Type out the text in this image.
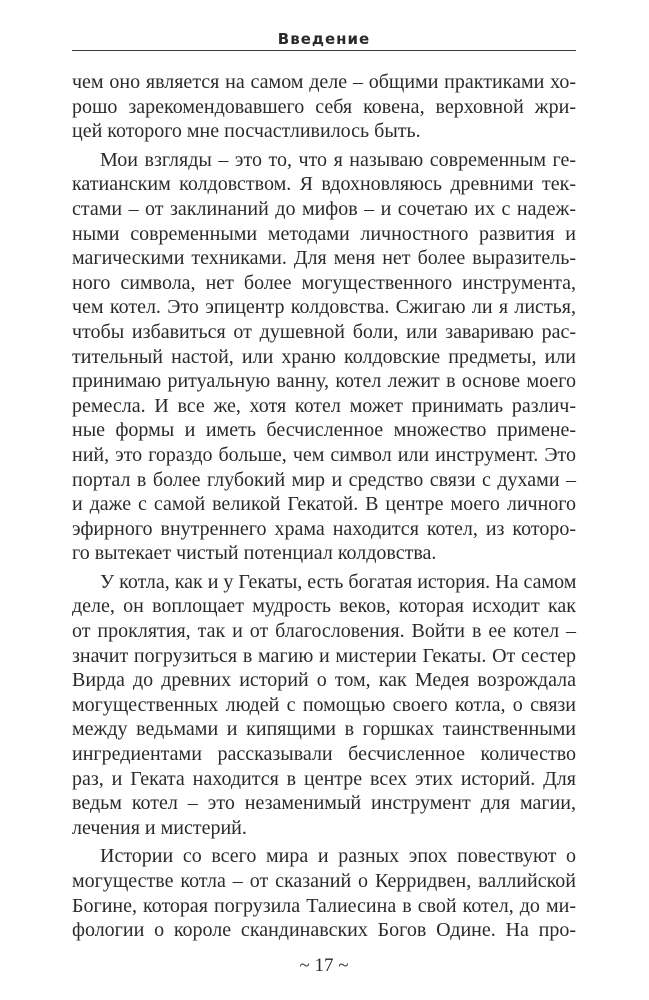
Введение

чем оно является на самом деле – общими практиками хо-
рошо зарекомендовавшего себя ковена, верховной жри-
цей которого мне посчастливилось быть.

Мои взгляды – это то, что я называю современным ге-
катианским колдовством. Я вдохновляюсь древними тек-
стами – от заклинаний до мифов – и сочетаю их с надеж-
ными современными методами личностного развития и
магическими техниками. Для меня нет более выразитель-
ного символа, нет более могущественного инструмента,
чем котел. Это эпицентр колдовства. Сжигаю ли я листья,
чтобы избавиться от душевной боли, или завариваю рас-
тительный настой, или храню колдовские предметы, или
принимаю ритуальную ванну, котел лежит в основе моего
ремесла. И все же, хотя котел может принимать различ-
ные формы и иметь бесчисленное множество примене-
ний, это гораздо больше, чем символ или инструмент. Это
портал в более глубокий мир и средство связи с духами –
и даже с самой великой Гекатой. В центре моего личного
эфирного внутреннего храма находится котел, из которо-
го вытекает чистый потенциал колдовства.

У котла, как и у Гекаты, есть богатая история. На самом
деле, он воплощает мудрость веков, которая исходит как
от проклятия, так и от благословения. Войти в ее котел –
значит погрузиться в магию и мистерии Гекаты. От сестер
Вирда до древних историй о том, как Медея возрождала
могущественных людей с помощью своего котла, о связи
между ведьмами и кипящими в горшках таинственными
ингредиентами рассказывали бесчисленное количество
раз, и Геката находится в центре всех этих историй. Для
ведьм котел – это незаменимый инструмент для магии,
лечения и мистерий.

Истории со всего мира и разных эпох повествуют о
могуществе котла – от сказаний о Керридвен, валлийской
Богине, которая погрузила Талиесина в свой котел, до ми-
фологии о короле скандинавских Богов Одине. На про-

~ 17 ~
